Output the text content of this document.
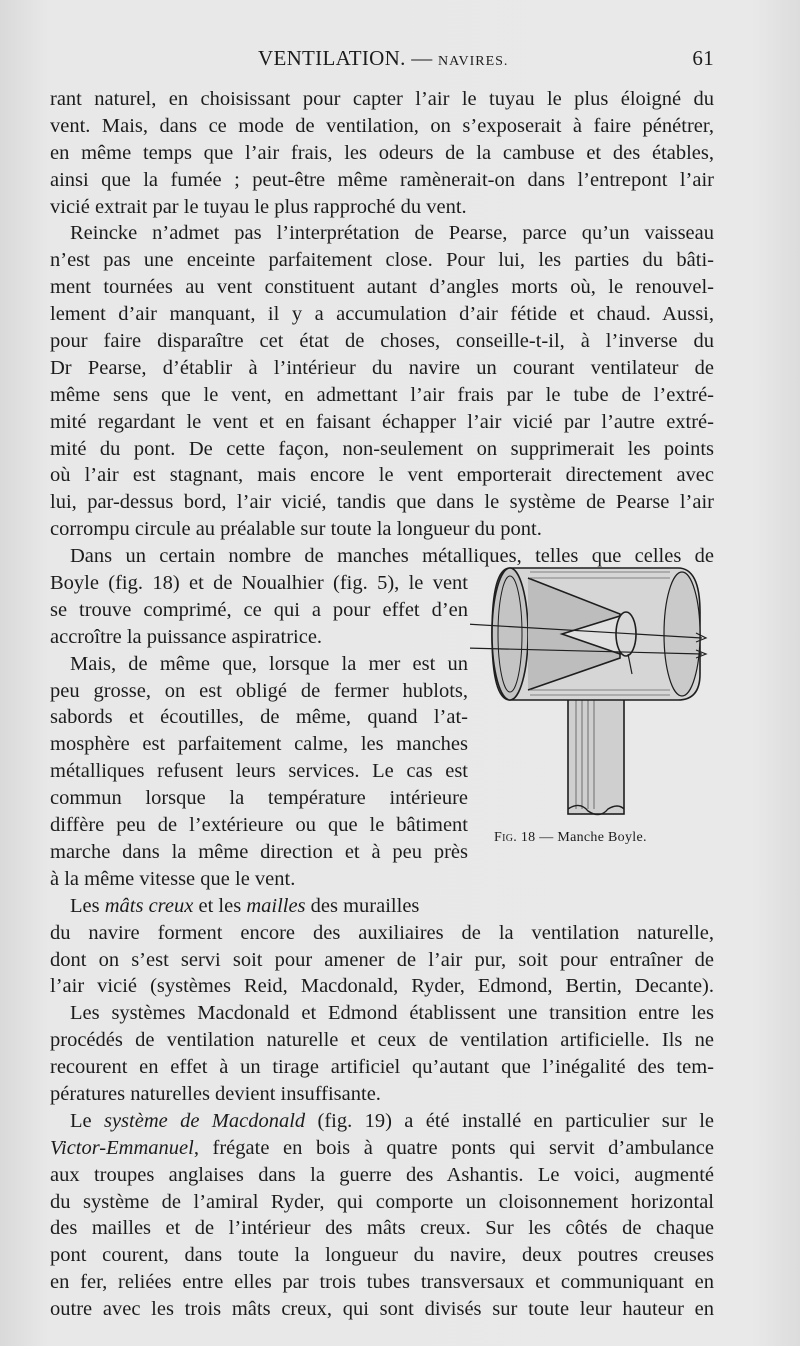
VENTILATION. — NAVIRES.	61
rant naturel, en choisissant pour capter l’air le tuyau le plus éloigné du
vent. Mais, dans ce mode de ventilation, on s’exposerait à faire pénétrer,
en même temps que l’air frais, les odeurs de la cambuse et des étables,
ainsi que la fumée ; peut-être même ramènerait-on dans l’entrepont l’air
vicié extrait par le tuyau le plus rapproché du vent.
Reincke n’admet pas l’interprétation de Pearse, parce qu’un vaisseau
n’est pas une enceinte parfaitement close. Pour lui, les parties du bâti-
ment tournées au vent constituent autant d’angles morts où, le renouvel-
lement d’air manquant, il y a accumulation d’air fétide et chaud. Aussi,
pour faire disparaître cet état de choses, conseille-t-il, à l’inverse du
Dr Pearse, d’établir à l’intérieur du navire un courant ventilateur de
même sens que le vent, en admettant l’air frais par le tube de l’extré-
mité regardant le vent et en faisant échapper l’air vicié par l’autre extré-
mité du pont. De cette façon, non-seulement on supprimerait les points
où l’air est stagnant, mais encore le vent emporterait directement avec
lui, par-dessus bord, l’air vicié, tandis que dans le système de Pearse l’air
corrompu circule au préalable sur toute la longueur du pont.
Dans un certain nombre de manches métalliques, telles que celles de
Boyle (fig. 18) et de Noualhier (fig. 5), le vent
se trouve comprimé, ce qui a pour effet d’en
accroître la puissance aspiratrice.
Mais, de même que, lorsque la mer est un
peu grosse, on est obligé de fermer hublots,
sabords et écoutilles, de même, quand l’at-
mosphère est parfaitement calme, les manches
métalliques refusent leurs services. Le cas est
commun lorsque la température intérieure
diffère peu de l’extérieure ou que le bâtiment
marche dans la même direction et à peu près
à la même vitesse que le vent.
Les mâts creux et les mailles des murailles
du navire forment encore des auxiliaires de la ventilation naturelle,
dont on s’est servi soit pour amener de l’air pur, soit pour entraîner de
l’air vicié (systèmes Reid, Macdonald, Ryder, Edmond, Bertin, Decante).
Les systèmes Macdonald et Edmond établissent une transition entre les
procédés de ventilation naturelle et ceux de ventilation artificielle. Ils ne
recourent en effet à un tirage artificiel qu’autant que l’inégalité des tem-
pératures naturelles devient insuffisante.
Le système de Macdonald (fig. 19) a été installé en particulier sur le
Victor-Emmanuel, frégate en bois à quatre ponts qui servit d’ambulance
aux troupes anglaises dans la guerre des Ashantis. Le voici, augmenté
du système de l’amiral Ryder, qui comporte un cloisonnement horizontal
des mailles et de l’intérieur des mâts creux. Sur les côtés de chaque
pont courent, dans toute la longueur du navire, deux poutres creuses
en fer, reliées entre elles par trois tubes transversaux et communiquant en
outre avec les trois mâts creux, qui sont divisés sur toute leur hauteur en
Fig. 18 — Manche Boyle.
